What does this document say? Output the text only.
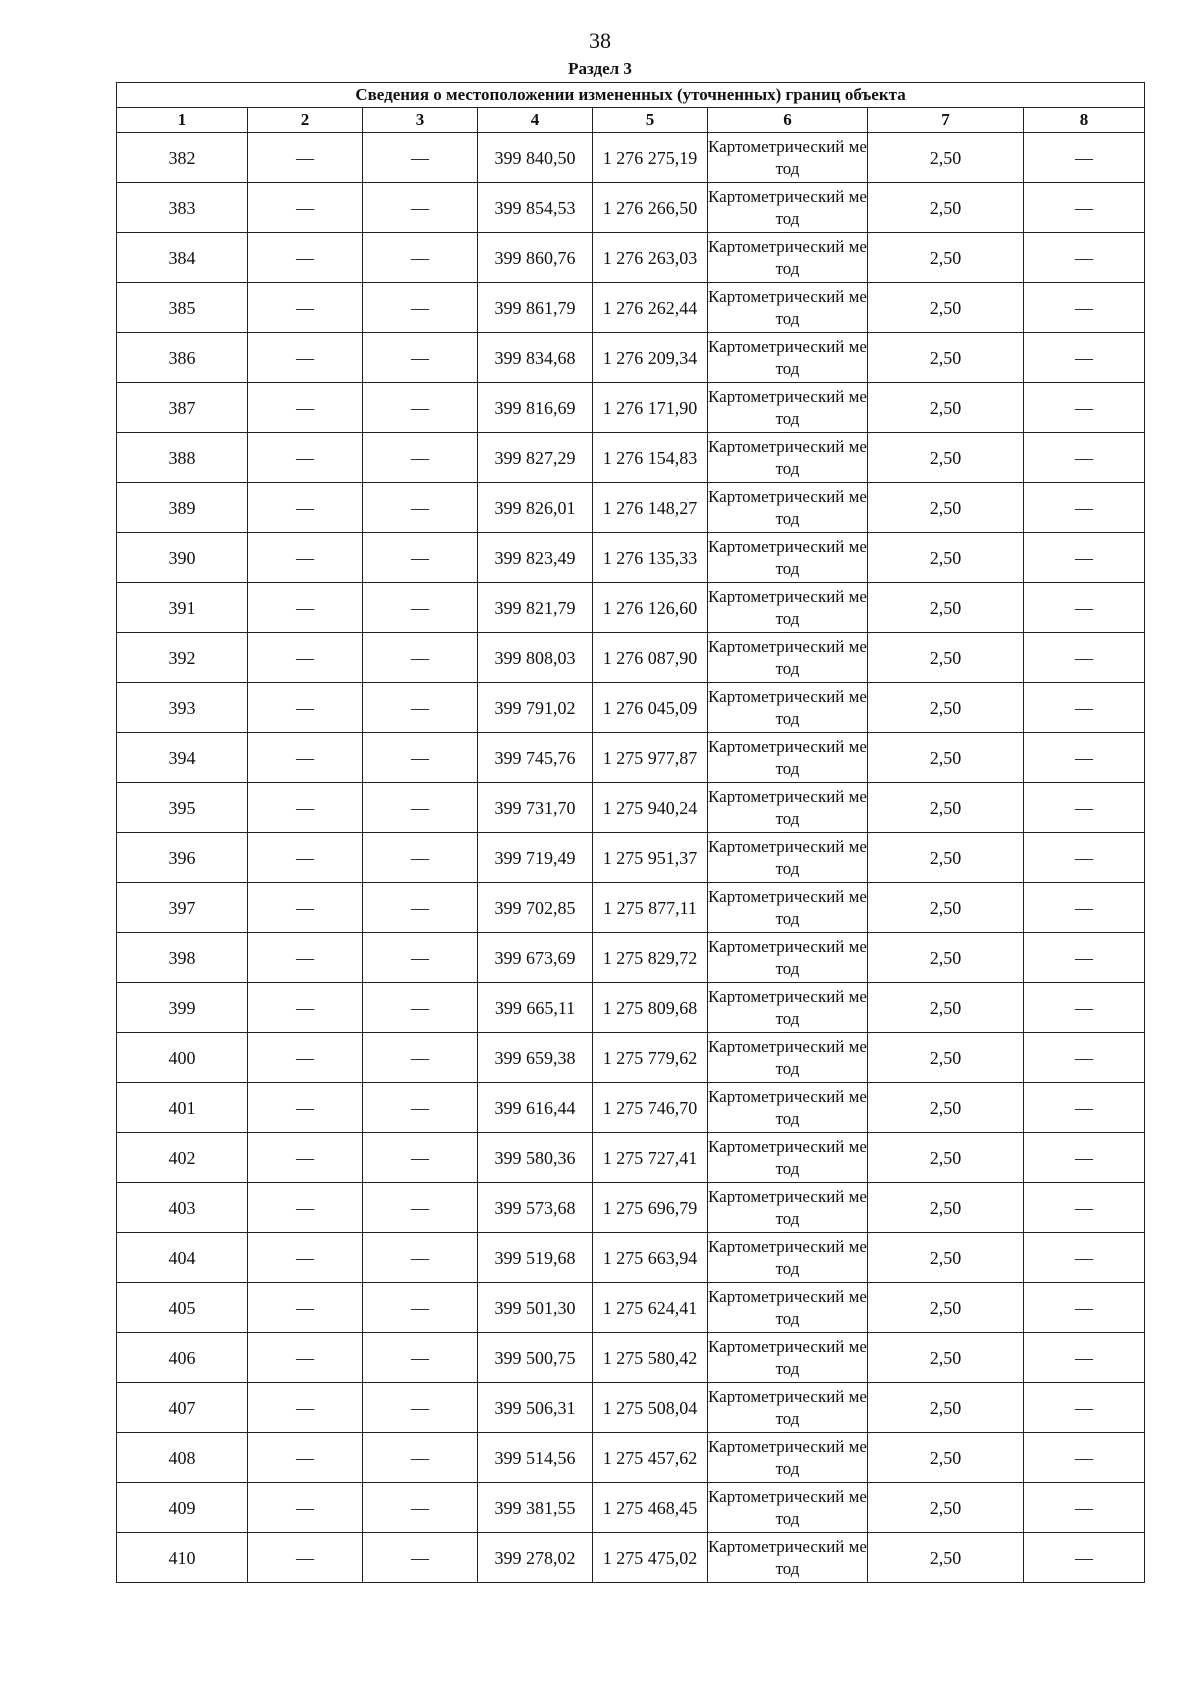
38
Раздел 3
Сведения о местоположении измененных (уточненных) границ объекта							
1	2	3	4	5	6	7	8
382	—	—	399 840,50	1 276 275,19	Картометрический метод	2,50	—
383	—	—	399 854,53	1 276 266,50	Картометрический метод	2,50	—
384	—	—	399 860,76	1 276 263,03	Картометрический метод	2,50	—
385	—	—	399 861,79	1 276 262,44	Картометрический метод	2,50	—
386	—	—	399 834,68	1 276 209,34	Картометрический метод	2,50	—
387	—	—	399 816,69	1 276 171,90	Картометрический метод	2,50	—
388	—	—	399 827,29	1 276 154,83	Картометрический метод	2,50	—
389	—	—	399 826,01	1 276 148,27	Картометрический метод	2,50	—
390	—	—	399 823,49	1 276 135,33	Картометрический метод	2,50	—
391	—	—	399 821,79	1 276 126,60	Картометрический метод	2,50	—
392	—	—	399 808,03	1 276 087,90	Картометрический метод	2,50	—
393	—	—	399 791,02	1 276 045,09	Картометрический метод	2,50	—
394	—	—	399 745,76	1 275 977,87	Картометрический метод	2,50	—
395	—	—	399 731,70	1 275 940,24	Картометрический метод	2,50	—
396	—	—	399 719,49	1 275 951,37	Картометрический метод	2,50	—
397	—	—	399 702,85	1 275 877,11	Картометрический метод	2,50	—
398	—	—	399 673,69	1 275 829,72	Картометрический метод	2,50	—
399	—	—	399 665,11	1 275 809,68	Картометрический метод	2,50	—
400	—	—	399 659,38	1 275 779,62	Картометрический метод	2,50	—
401	—	—	399 616,44	1 275 746,70	Картометрический метод	2,50	—
402	—	—	399 580,36	1 275 727,41	Картометрический метод	2,50	—
403	—	—	399 573,68	1 275 696,79	Картометрический метод	2,50	—
404	—	—	399 519,68	1 275 663,94	Картометрический метод	2,50	—
405	—	—	399 501,30	1 275 624,41	Картометрический метод	2,50	—
406	—	—	399 500,75	1 275 580,42	Картометрический метод	2,50	—
407	—	—	399 506,31	1 275 508,04	Картометрический метод	2,50	—
408	—	—	399 514,56	1 275 457,62	Картометрический метод	2,50	—
409	—	—	399 381,55	1 275 468,45	Картометрический метод	2,50	—
410	—	—	399 278,02	1 275 475,02	Картометрический метод	2,50	—
